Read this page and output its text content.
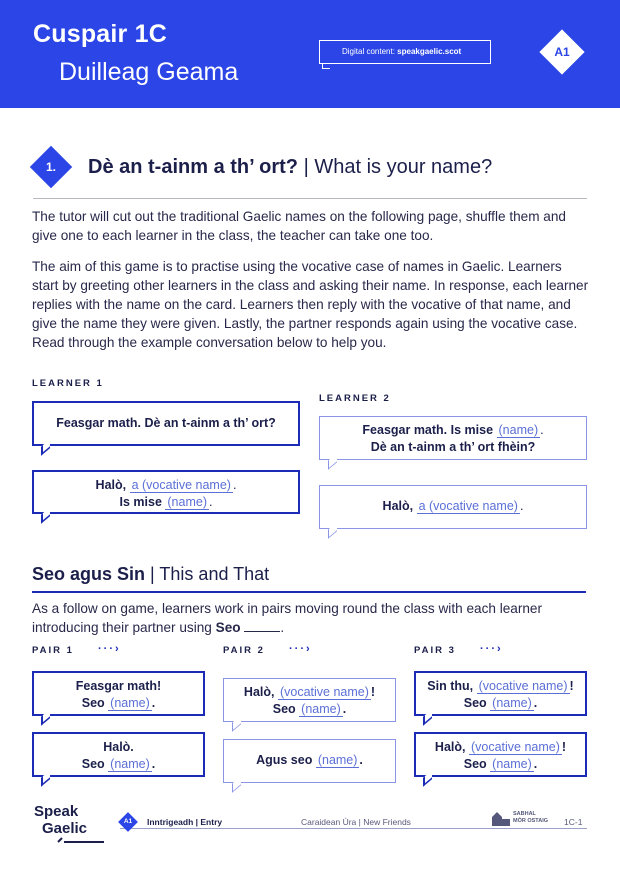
Cuspair 1C
Duilleag Geama
Digital content: speakgaelic.scot	A1
1.	Dè an t-ainm a th’ ort? | What is your name?
The tutor will cut out the traditional Gaelic names on the following page, shuffle them and give one to each learner in the class, the teacher can take one too.
The aim of this game is to practise using the vocative case of names in Gaelic. Learners start by greeting other learners in the class and asking their name. In response, each learner replies with the name on the card. Learners then reply with the vocative of that name, and give the name they were given. Lastly, the partner responds again using the vocative case. Read through the example conversation below to help you.
LEARNER 1
LEARNER 2
Feasgar math. Dè an t-ainm a th’ ort?
Halò, a (vocative name) .
Is mise (name) .
Feasgar math. Is mise (name) .
Dè an t-ainm a th’ ort fhèin?
Halò, a (vocative name) .
Seo agus Sin | This and That
As a follow on game, learners work in pairs moving round the class with each learner introducing their partner using Seo	.
PAIR 1 ···›	PAIR 2 ···›	PAIR 3 ···›
Feasgar math!
Seo (name) .
Halò.
Seo (name) .
Halò, (vocative name) !
Seo (name) .
Agus seo (name) .
Sin thu, (vocative name) !
Seo (name) .
Halò, (vocative name) !
Seo (name) .
Speak
Gaelic	A1	Inntrigeadh | Entry	Caraidean Ùra | New Friends
SABHAL
MÒR OSTAIG 1C-1
